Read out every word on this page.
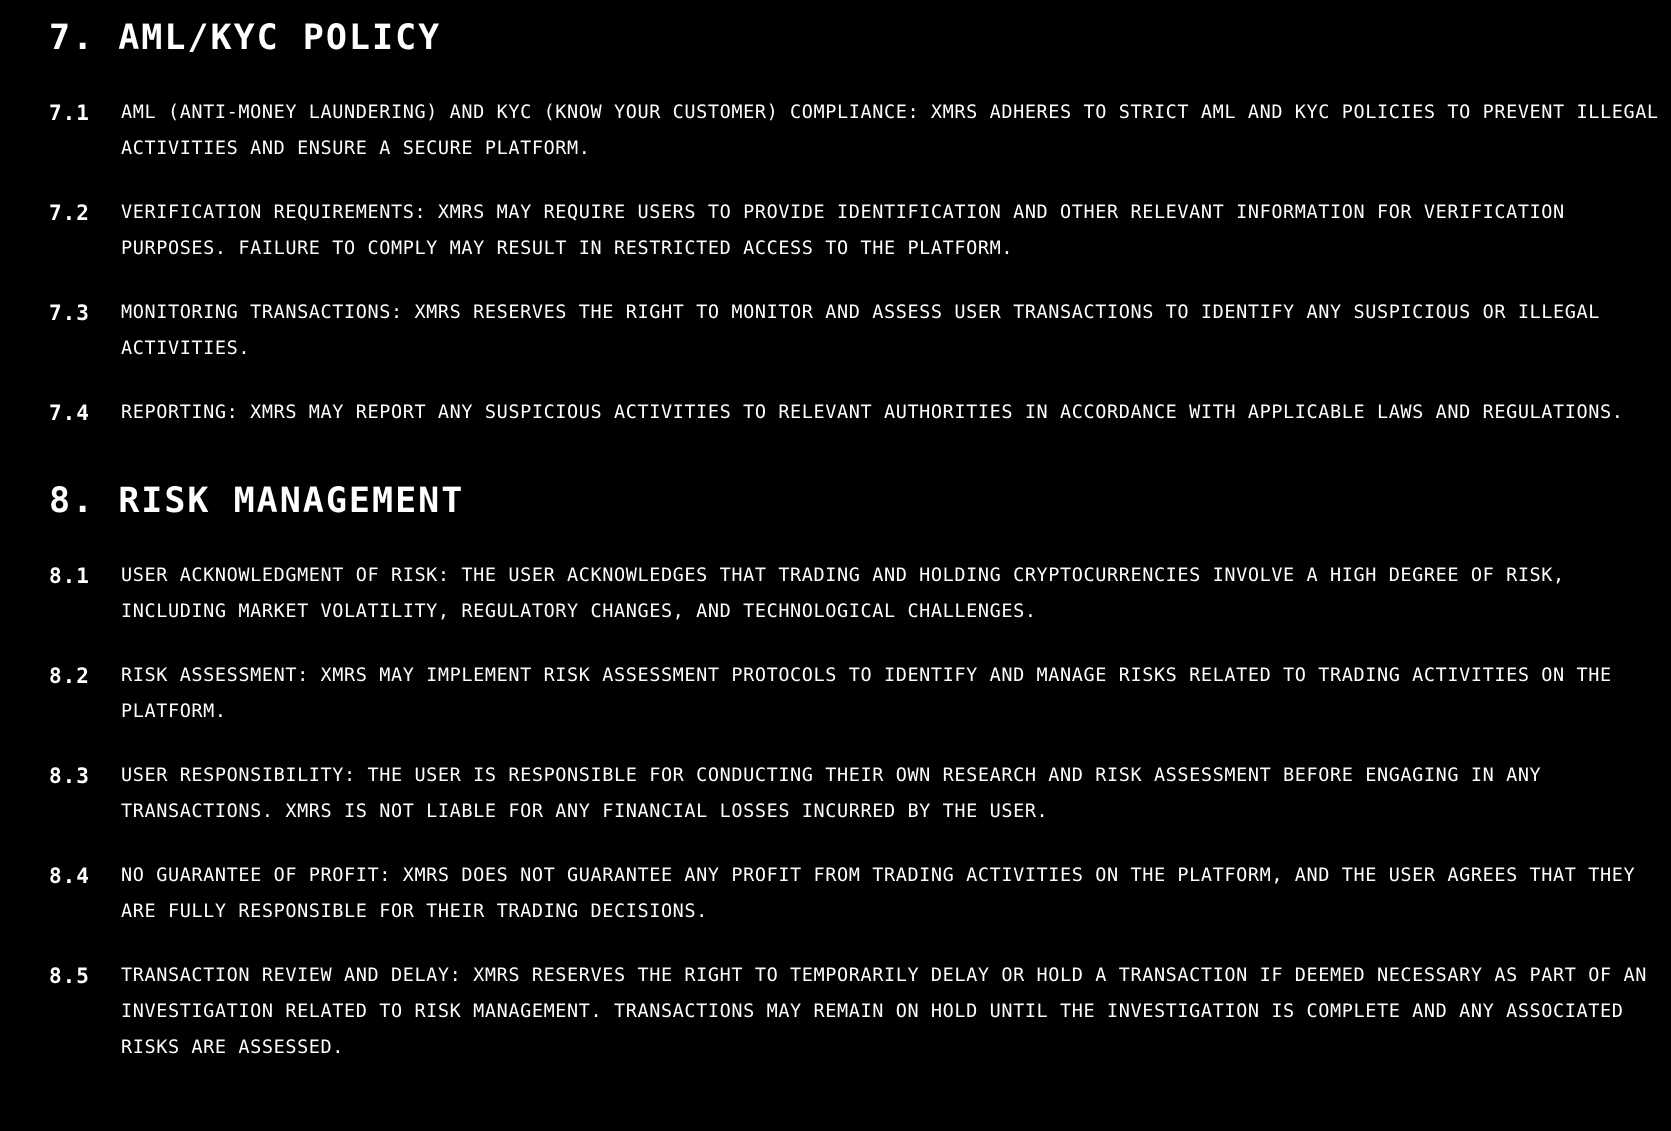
7. AML/KYC POLICY
7.1	AML (ANTI-MONEY LAUNDERING) AND KYC (KNOW YOUR CUSTOMER) COMPLIANCE: XMRS ADHERES TO STRICT AML AND KYC POLICIES TO PREVENT ILLEGAL ACTIVITIES AND ENSURE A SECURE PLATFORM.
7.2	VERIFICATION REQUIREMENTS: XMRS MAY REQUIRE USERS TO PROVIDE IDENTIFICATION AND OTHER RELEVANT INFORMATION FOR VERIFICATION PURPOSES. FAILURE TO COMPLY MAY RESULT IN RESTRICTED ACCESS TO THE PLATFORM.
7.3	MONITORING TRANSACTIONS: XMRS RESERVES THE RIGHT TO MONITOR AND ASSESS USER TRANSACTIONS TO IDENTIFY ANY SUSPICIOUS OR ILLEGAL ACTIVITIES.
7.4	REPORTING: XMRS MAY REPORT ANY SUSPICIOUS ACTIVITIES TO RELEVANT AUTHORITIES IN ACCORDANCE WITH APPLICABLE LAWS AND REGULATIONS.
8. RISK MANAGEMENT
8.1	USER ACKNOWLEDGMENT OF RISK: THE USER ACKNOWLEDGES THAT TRADING AND HOLDING CRYPTOCURRENCIES INVOLVE A HIGH DEGREE OF RISK, INCLUDING MARKET VOLATILITY, REGULATORY CHANGES, AND TECHNOLOGICAL CHALLENGES.
8.2	RISK ASSESSMENT: XMRS MAY IMPLEMENT RISK ASSESSMENT PROTOCOLS TO IDENTIFY AND MANAGE RISKS RELATED TO TRADING ACTIVITIES ON THE PLATFORM.
8.3	USER RESPONSIBILITY: THE USER IS RESPONSIBLE FOR CONDUCTING THEIR OWN RESEARCH AND RISK ASSESSMENT BEFORE ENGAGING IN ANY TRANSACTIONS. XMRS IS NOT LIABLE FOR ANY FINANCIAL LOSSES INCURRED BY THE USER.
8.4	NO GUARANTEE OF PROFIT: XMRS DOES NOT GUARANTEE ANY PROFIT FROM TRADING ACTIVITIES ON THE PLATFORM, AND THE USER AGREES THAT THEY ARE FULLY RESPONSIBLE FOR THEIR TRADING DECISIONS.
8.5	TRANSACTION REVIEW AND DELAY: XMRS RESERVES THE RIGHT TO TEMPORARILY DELAY OR HOLD A TRANSACTION IF DEEMED NECESSARY AS PART OF AN INVESTIGATION RELATED TO RISK MANAGEMENT. TRANSACTIONS MAY REMAIN ON HOLD UNTIL THE INVESTIGATION IS COMPLETE AND ANY ASSOCIATED RISKS ARE ASSESSED.
